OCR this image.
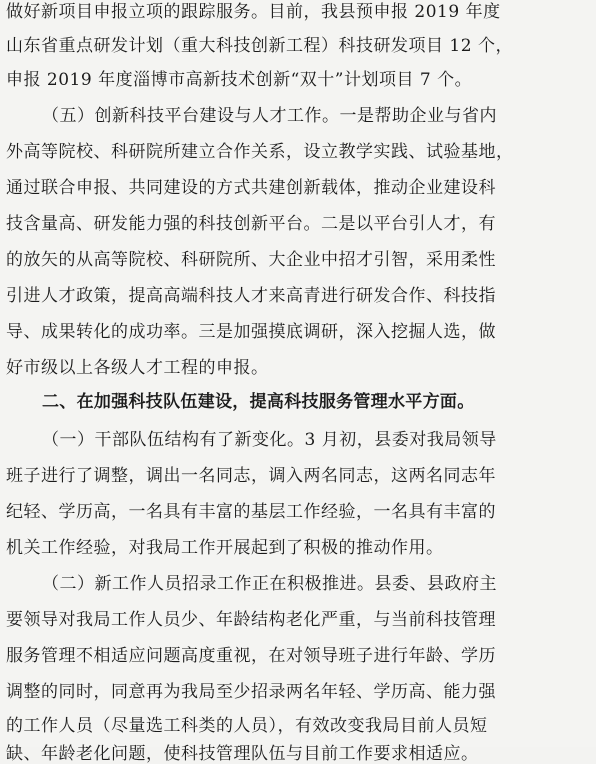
做好新项目申报立项的跟踪服务。目前，我县预申报 2019 年度
山东省重点研发计划（重大科技创新工程）科技研发项目 12 个，
申报 2019 年度淄博市高新技术创新“双十”计划项目 7 个。
（五）创新科技平台建设与人才工作。一是帮助企业与省内
外高等院校、科研院所建立合作关系，设立教学实践、试验基地，
通过联合申报、共同建设的方式共建创新载体，推动企业建设科
技含量高、研发能力强的科技创新平台。二是以平台引人才，有
的放矢的从高等院校、科研院所、大企业中招才引智，采用柔性
引进人才政策，提高高端科技人才来高青进行研发合作、科技指
导、成果转化的成功率。三是加强摸底调研，深入挖掘人选，做
好市级以上各级人才工程的申报。
二、在加强科技队伍建设，提高科技服务管理水平方面。
（一）干部队伍结构有了新变化。3 月初，县委对我局领导
班子进行了调整，调出一名同志，调入两名同志，这两名同志年
纪轻、学历高，一名具有丰富的基层工作经验，一名具有丰富的
机关工作经验，对我局工作开展起到了积极的推动作用。
（二）新工作人员招录工作正在积极推进。县委、县政府主
要领导对我局工作人员少、年龄结构老化严重，与当前科技管理
服务管理不相适应问题高度重视，在对领导班子进行年龄、学历
调整的同时，同意再为我局至少招录两名年轻、学历高、能力强
的工作人员（尽量选工科类的人员），有效改变我局目前人员短
缺、年龄老化问题，使科技管理队伍与目前工作要求相适应。
